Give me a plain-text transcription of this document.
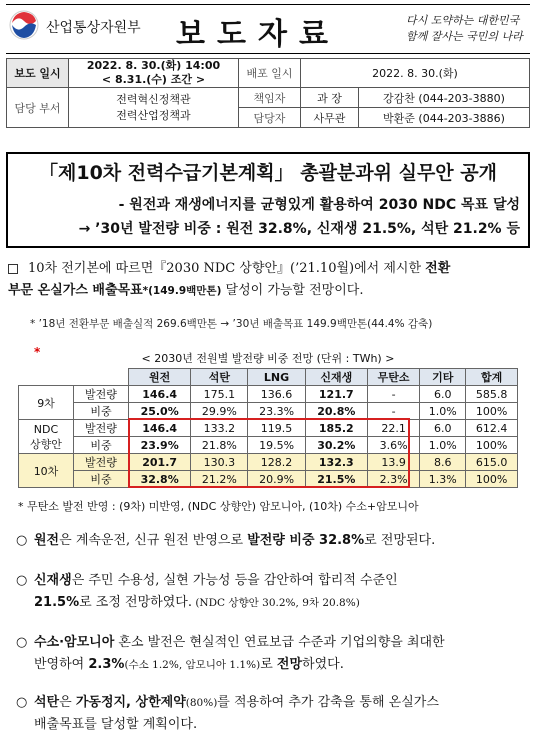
산업통상자원부 보도자료	다시 도약하는 대한민국
함께 잘사는 국민의 나라
보도 일시	2022. 8. 30.(화) 14:00
< 8.31.(수) 조간 >	배포 일시	2022. 8. 30.(화)	
담당 부서	전력혁신정책관
전력산업정책과	책임자	과 장	강감찬 (044-203-3880)
		담당자	사무관	박환준 (044-203-3886)
「제10차 전력수급기본계획」 총괄분과위 실무안 공개
- 원전과 재생에너지를 균형있게 활용하여 2030 NDC 목표 달성
→ ’30년 발전량 비중 : 원전 32.8%, 신재생 21.5%, 석탄 21.2% 등
10차 전기본에 따르면『2030 NDC 상향안』(’21.10월)에서 제시한 전환
부문 온실가스 배출목표*(149.9백만톤) 달성이 가능할 전망이다.
* ’18년 전환부문 배출실적 269.6백만톤 → ’30년 배출목표 149.9백만톤(44.4% 감축)
*	< 2030년 전원별 발전량 비중 전망 (단위 : TWh) >
		원전	석탄	LNG	신재생	무탄소	기타	합계
9차	발전량	146.4	175.1	136.6	121.7	-	6.0	585.8
	비중	25.0%	29.9%	23.3%	20.8%	-	1.0%	100%

NDC
상향안	발전량	146.4	133.2	119.5	185.2	22.1	6.0	612.4
	비중	23.9%	21.8%	19.5%	30.2%	3.6%	1.0%	100%
10차	발전량	201.7	130.3	128.2	132.3	13.9	8.6	615.0
	비중	32.8%	21.2%	20.9%	21.5%	2.3%	1.3%	100%
* 무탄소 발전 반영 : (9차) 미반영, (NDC 상향안) 암모니아, (10차) 수소+암모니아
○ 원전은 계속운전, 신규 원전 반영으로 발전량 비중 32.8%로 전망된다.
○ 신재생은 주민 수용성, 실현 가능성 등을 감안하여 합리적 수준인
21.5%로 조정 전망하였다. (NDC 상향안 30.2%, 9차 20.8%)
○ 수소·암모니아 혼소 발전은 현실적인 연료보급 수준과 기업의향을 최대한
반영하여 2.3%(수소 1.2%, 암모니아 1.1%)로 전망하였다.
○ 석탄은 가동정지, 상한제약(80%)를 적용하여 추가 감축을 통해 온실가스
배출목표를 달성할 계획이다.
